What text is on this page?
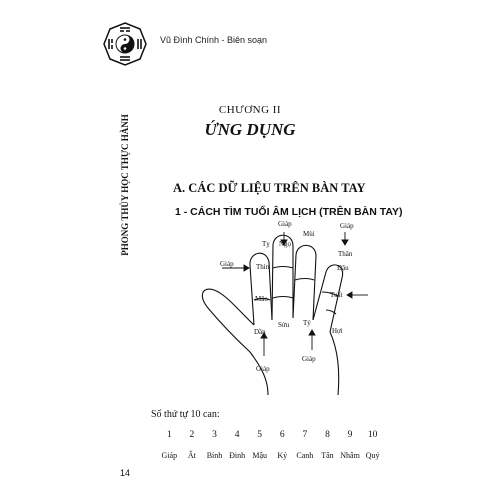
Vũ Đình Chính - Biên soạn
PHONG THỦY HỌC THỰC HÀNH
CHƯƠNG II
ỨNG DỤNG
A. CÁC DỮ LIỆU TRÊN BÀN TAY
1 - CÁCH TÌM TUỔI ÂM LỊCH (TRÊN BÀN TAY)
Tỵ
Giáp
Ngọ
Mùi
Giáp
Thân
Giáp	Thìn	Dậu
Mão	Tuất
Dần
Sửu Tý
Hợi
Giáp
Giáp
Số thứ tự 10 can:
1	2	3	4	5	6	7	8	9	10
Giáp	Ất	Bính Đinh Mậu	Kỷ	Canh Tân Nhâm Quý
14
